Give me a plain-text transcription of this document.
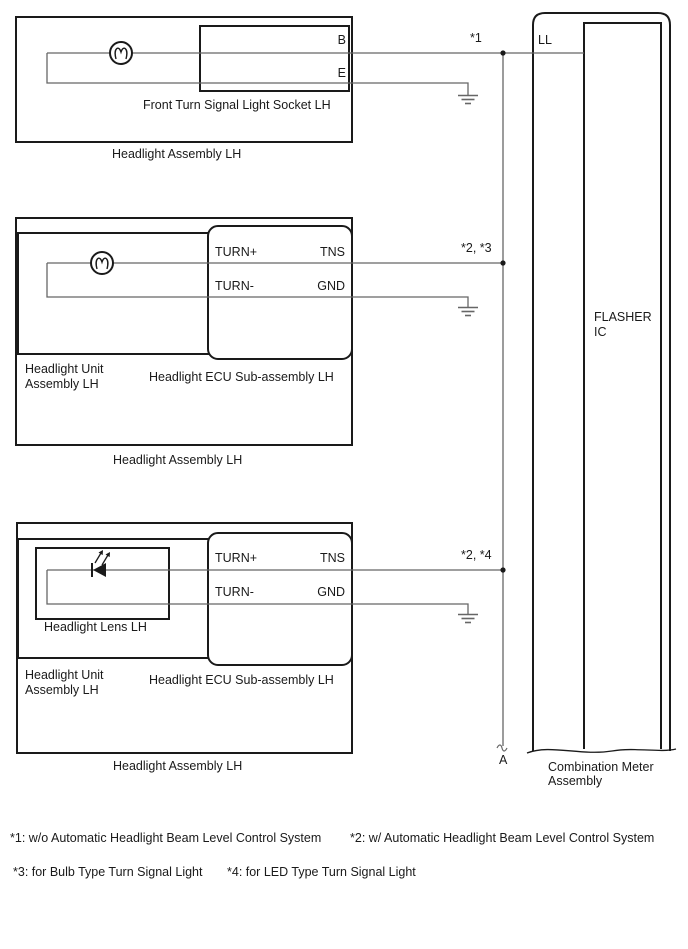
B
E
Front Turn Signal Light Socket LH
Headlight Assembly LH
*1
TURN+	TNS
TURN-	GND
*2, *3
Headlight Unit
Assembly LH	Headlight ECU Sub-assembly LH
Headlight Assembly LH
TURN+	TNS
TURN-	GND
*2, *4
Headlight Lens LH
Headlight Unit
Assembly LH
Headlight ECU Sub-assembly LH
Headlight Assembly LH
LL
FLASHER
IC
A	Combination Meter
Assembly
*1: w/o Automatic Headlight Beam Level Control System *2: w/ Automatic Headlight Beam Level Control System
*3: for Bulb Type Turn Signal Light *4: for LED Type Turn Signal Light
